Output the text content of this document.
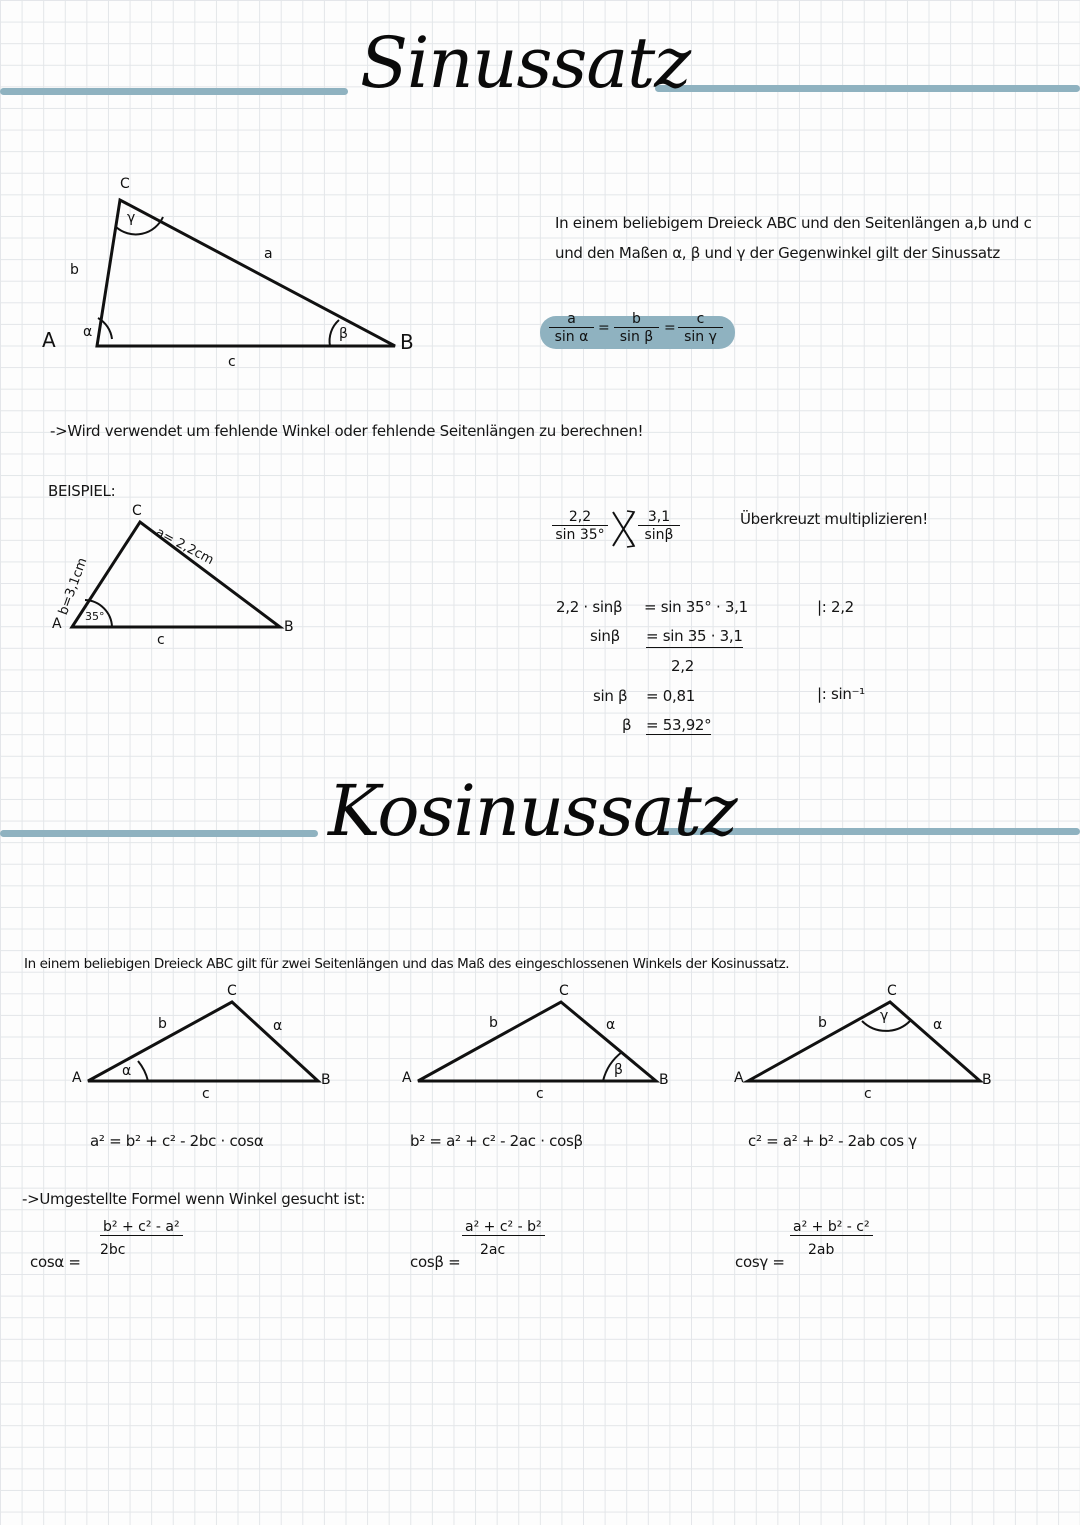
Sinussatz
A	B
C
a
b
c
α	β
γ	In einem beliebigem Dreieck ABC und den Seitenlängen a,b und c
und den Maßen α, β und γ der Gegenwinkel gilt der Sinussatz
$\frac{a}{\text{sin α}} = \frac{b}{\text{sin β}} = \frac{c}{\text{sin γ}}$
->Wird verwendet um fehlende Winkel oder fehlende Seitenlängen zu berechnen!
BEISPIEL:
A	B
C
c
a= 2,2cm
b=3,1cm
35°
$\frac{2,2}{\sin 35^\circ} \frac{3,1}{\sin\beta}$	Überkreuzt multiplizieren!
2,2 · sinβ = sin 35° · 3,1	|: 2,2
sinβ = sin 35 · 3,1
2,2
sin β = 0,81	|: sin⁻¹
β = 53,92°
Kosinussatz
In einem beliebigen Dreieck ABC gilt für zwei Seitenlängen und das Maß des eingeschlossenen Winkels der Kosinussatz.
A	B
C
b	α
c
α
a² = b² + c² - 2bc · cosα
A	B
C
b	α
c
β
b² = a² + c² - 2ac · cosβ
A	B
C
b	α
c
γ
c² = a² + b² - 2ab cos γ
->Umgestellte Formel wenn Winkel gesucht ist:
cosα =
$\frac{\text{b² + c² - a²}}{2bc}$
cosβ =
$\frac{\text{a² + c² - b²}}{2ac}$
cosγ =
$\frac{\text{a² + b² - c²}}{2ab}$
